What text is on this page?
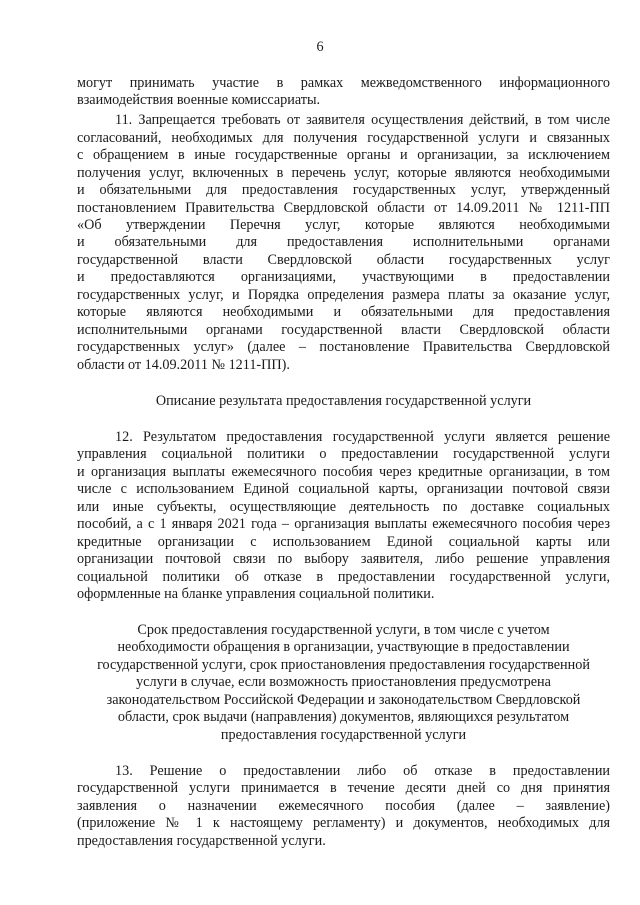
6
могут принимать участие в рамках межведомственного информационного
взаимодействия военные комиссариаты.
11. Запрещается требовать от заявителя осуществления действий, в том числе
согласований, необходимых для получения государственной услуги и связанных
с обращением в иные государственные органы и организации, за исключением
получения услуг, включенных в перечень услуг, которые являются необходимыми
и обязательными для предоставления государственных услуг, утвержденный
постановлением Правительства Свердловской области от 14.09.2011 № 1211-ПП
«Об утверждении Перечня услуг, которые являются необходимыми
и обязательными для предоставления исполнительными органами
государственной власти Свердловской области государственных услуг
и предоставляются организациями, участвующими в предоставлении
государственных услуг, и Порядка определения размера платы за оказание услуг,
которые являются необходимыми и обязательными для предоставления
исполнительными органами государственной власти Свердловской области
государственных услуг» (далее – постановление Правительства Свердловской
области от 14.09.2011 № 1211-ПП).
Описание результата предоставления государственной услуги
12. Результатом предоставления государственной услуги является решение
управления социальной политики о предоставлении государственной услуги
и организация выплаты ежемесячного пособия через кредитные организации, в том
числе с использованием Единой социальной карты, организации почтовой связи
или иные субъекты, осуществляющие деятельность по доставке социальных
пособий, а с 1 января 2021 года – организация выплаты ежемесячного пособия через
кредитные организации с использованием Единой социальной карты или
организации почтовой связи по выбору заявителя, либо решение управления
социальной политики об отказе в предоставлении государственной услуги,
оформленные на бланке управления социальной политики.
Срок предоставления государственной услуги, в том числе с учетом
необходимости обращения в организации, участвующие в предоставлении
государственной услуги, срок приостановления предоставления государственной
услуги в случае, если возможность приостановления предусмотрена
законодательством Российской Федерации и законодательством Свердловской
области, срок выдачи (направления) документов, являющихся результатом
предоставления государственной услуги
13. Решение о предоставлении либо об отказе в предоставлении
государственной услуги принимается в течение десяти дней со дня принятия
заявления о назначении ежемесячного пособия (далее – заявление)
(приложение № 1 к настоящему регламенту) и документов, необходимых для
предоставления государственной услуги.
